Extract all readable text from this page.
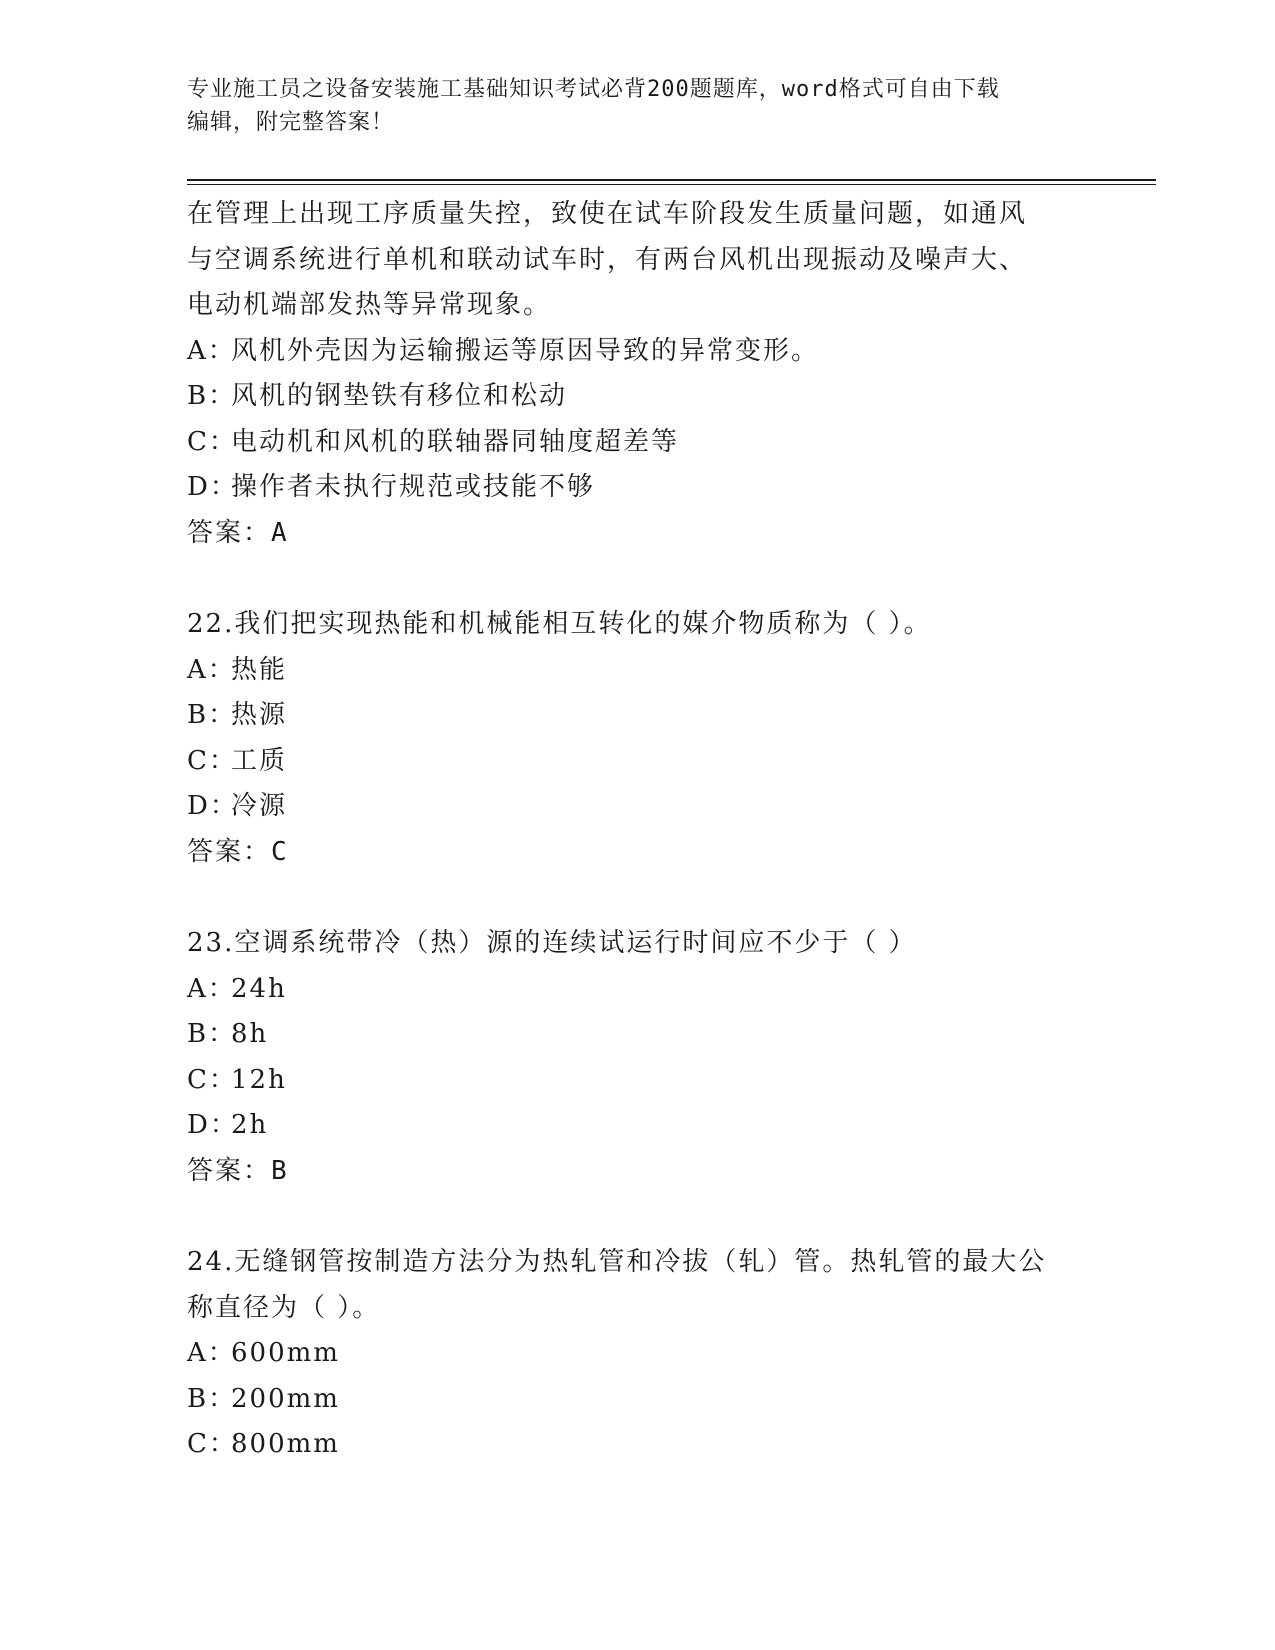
专业施工员之设备安装施工基础知识考试必背200题题库，word格式可自由下载
编辑，附完整答案！

在管理上出现工序质量失控，致使在试车阶段发生质量问题，如通风

与空调系统进行单机和联动试车时，有两台风机出现振动及噪声大、

电动机端部发热等异常现象。

A：风机外壳因为运输搬运等原因导致的异常变形。

B：风机的钢垫铁有移位和松动

C：电动机和风机的联轴器同轴度超差等

D：操作者未执行规范或技能不够

答案：A

22.我们把实现热能和机械能相互转化的媒介物质称为（ ）。

A：热能

B：热源

C：工质

D：冷源

答案：C

23.空调系统带冷（热）源的连续试运行时间应不少于（ ）

A：24h

B：8h

C：12h

D：2h

答案：B

24.无缝钢管按制造方法分为热轧管和冷拔（轧）管。热轧管的最大公

称直径为（ ）。

A：600mm

B：200mm

C：800mm
